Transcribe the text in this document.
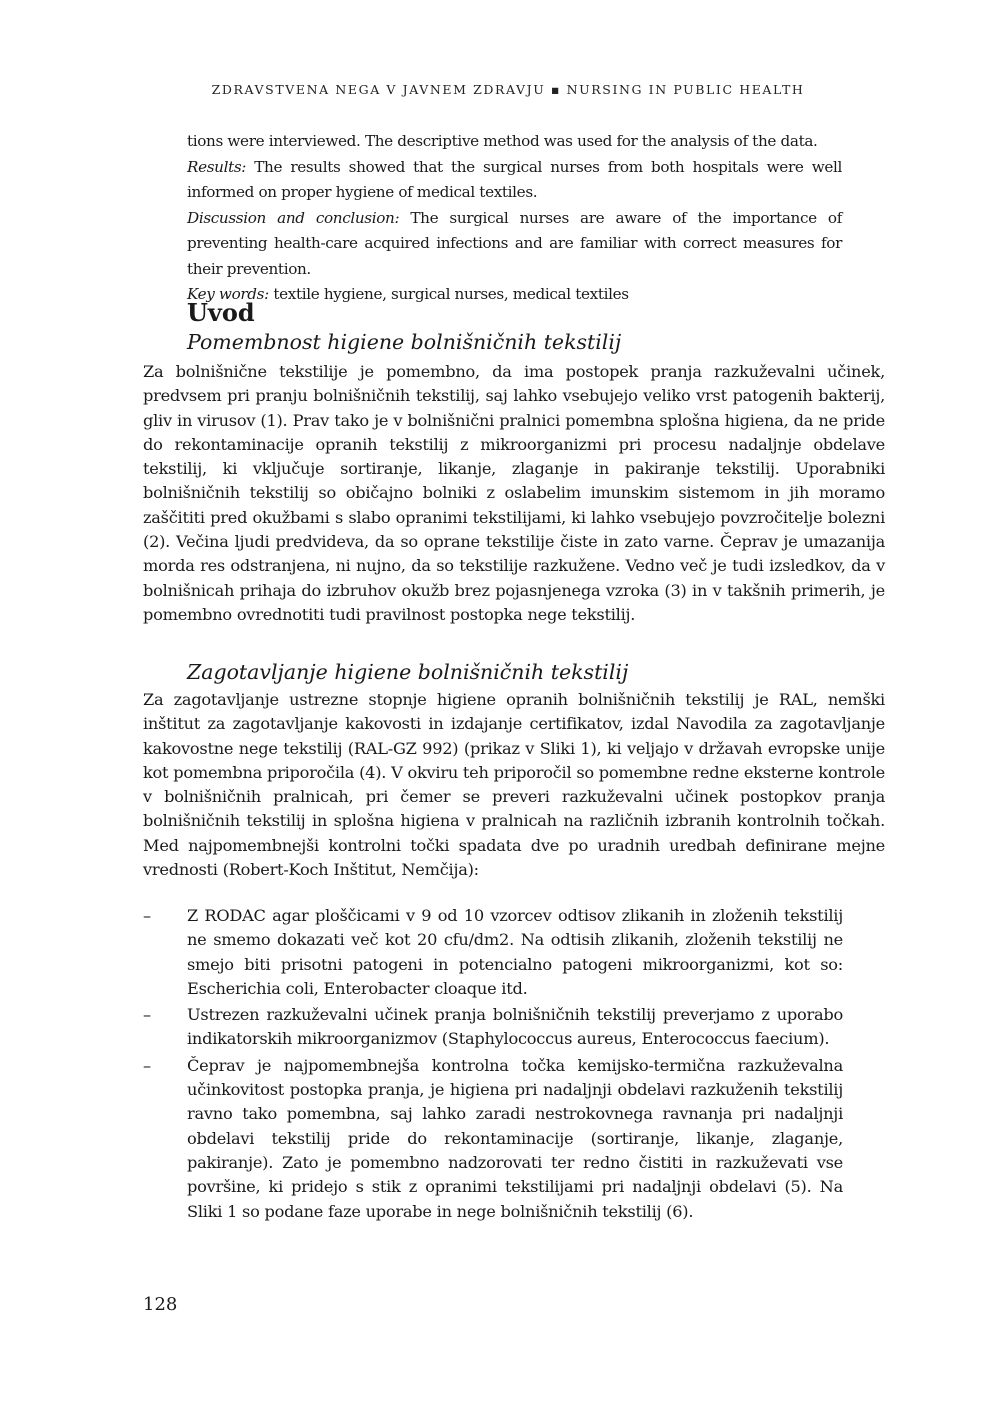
ZDRAVSTVENA NEGA V JAVNEM ZDRAVJU ▪ NURSING IN PUBLIC HEALTH

tions were interviewed. The descriptive method was used for the analysis of the data.

Results: The results showed that the surgical nurses from both hospitals were well informed on proper hygiene of medical textiles.

Discussion and conclusion: The surgical nurses are aware of the importance of preventing health-care acquired infections and are familiar with correct measures for their prevention.

Key words: textile hygiene, surgical nurses, medical textiles

Uvod
Pomembnost higiene bolnišničnih tekstilij

Za bolnišnične tekstilije je pomembno, da ima postopek pranja razkuževalni učinek, predvsem pri pranju bolnišničnih tekstilij, saj lahko vsebujejo veliko vrst patogenih bakterij, gliv in virusov (1). Prav tako je v bolnišnični pralnici pomembna splošna higiena, da ne pride do rekontaminacije opranih tekstilij z mikroorganizmi pri procesu nadaljnje obdelave tekstilij, ki vključuje sortiranje, likanje, zlaganje in pakiranje tekstilij. Uporabniki bolnišničnih tekstilij so običajno bolniki z oslabelim imunskim sistemom in jih moramo zaščititi pred okužbami s slabo opranimi tekstilijami, ki lahko vsebujejo povzročitelje bolezni (2). Večina ljudi predvideva, da so oprane tekstilije čiste in zato varne. Čeprav je umazanija morda res odstranjena, ni nujno, da so tekstilije razkužene. Vedno več je tudi izsledkov, da v bolnišnicah prihaja do izbruhov okužb brez pojasnjenega vzroka (3) in v takšnih primerih, je pomembno ovrednotiti tudi pravilnost postopka nege tekstilij.

Zagotavljanje higiene bolnišničnih tekstilij

Za zagotavljanje ustrezne stopnje higiene opranih bolnišničnih tekstilij je RAL, nemški inštitut za zagotavljanje kakovosti in izdajanje certifikatov, izdal Navodila za zagotavljanje kakovostne nege tekstilij (RAL-GZ 992) (prikaz v Sliki 1), ki veljajo v državah evropske unije kot pomembna priporočila (4). V okviru teh priporočil so pomembne redne eksterne kontrole v bolnišničnih pralnicah, pri čemer se preveri razkuževalni učinek postopkov pranja bolnišničnih tekstilij in splošna higiena v pralnicah na različnih izbranih kontrolnih točkah. Med najpomembnejši kontrolni točki spadata dve po uradnih uredbah definirane mejne vrednosti (Robert-Koch Inštitut, Nemčija):

– Z RODAC agar ploščicami v 9 od 10 vzorcev odtisov zlikanih in zloženih tekstilij ne smemo dokazati več kot 20 cfu/dm2. Na odtisih zlikanih, zloženih tekstilij ne smejo biti prisotni patogeni in potencialno patogeni mikroorganizmi, kot so: Escherichia coli, Enterobacter cloaque itd.
– Ustrezen razkuževalni učinek pranja bolnišničnih tekstilij preverjamo z uporabo indikatorskih mikroorganizmov (Staphylococcus aureus, Enterococcus faecium).
– Čeprav je najpomembnejša kontrolna točka kemijsko-termična razkuževalna učinkovitost postopka pranja, je higiena pri nadaljnji obdelavi razkuženih tekstilij ravno tako pomembna, saj lahko zaradi nestrokovnega ravnanja pri nadaljnji obdelavi tekstilij pride do rekontaminacije (sortiranje, likanje, zlaganje, pakiranje). Zato je pomembno nadzorovati ter redno čistiti in razkuževati vse površine, ki pridejo s stik z opranimi tekstilijami pri nadaljnji obdelavi (5). Na Sliki 1 so podane faze uporabe in nege bolnišničnih tekstilij (6).
128
